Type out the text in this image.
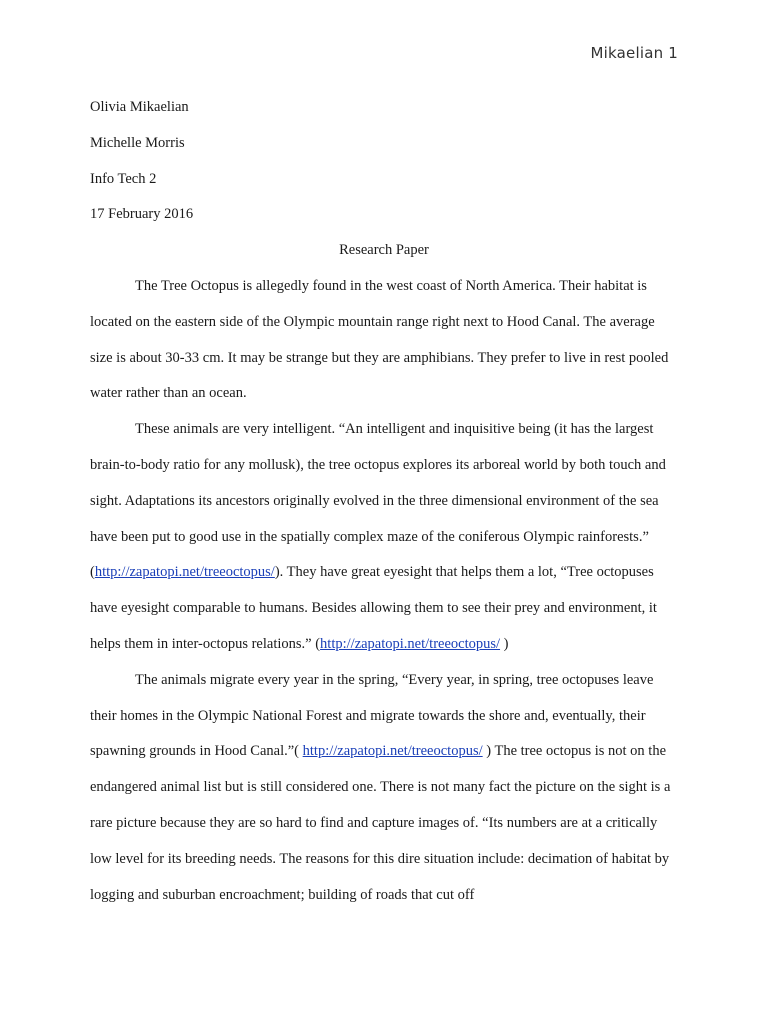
Mikaelian 1
Olivia Mikaelian
Michelle Morris
Info Tech 2
17 February 2016
Research Paper

The Tree Octopus is allegedly found in the west coast of North America. Their habitat is located on the eastern side of the Olympic mountain range right next to Hood Canal. The average size is about 30-33 cm. It may be strange but they are amphibians. They prefer to live in rest pooled water rather than an ocean.

These animals are very intelligent. “An intelligent and inquisitive being (it has the largest brain-to-body ratio for any mollusk), the tree octopus explores its arboreal world by both touch and sight. Adaptations its ancestors originally evolved in the three dimensional environment of the sea have been put to good use in the spatially complex maze of the coniferous Olympic rainforests.” (http://zapatopi.net/treeoctopus/). They have great eyesight that helps them a lot, “Tree octopuses have eyesight comparable to humans. Besides allowing them to see their prey and environment, it helps them in inter-octopus relations.” (http://zapatopi.net/treeoctopus/ )

The animals migrate every year in the spring, “Every year, in spring, tree octopuses leave their homes in the Olympic National Forest and migrate towards the shore and, eventually, their spawning grounds in Hood Canal.”( http://zapatopi.net/treeoctopus/ ) The tree octopus is not on the endangered animal list but is still considered one. There is not many fact the picture on the sight is a rare picture because they are so hard to find and capture images of. “Its numbers are at a critically low level for its breeding needs. The reasons for this dire situation include: decimation of habitat by logging and suburban encroachment; building of roads that cut off
